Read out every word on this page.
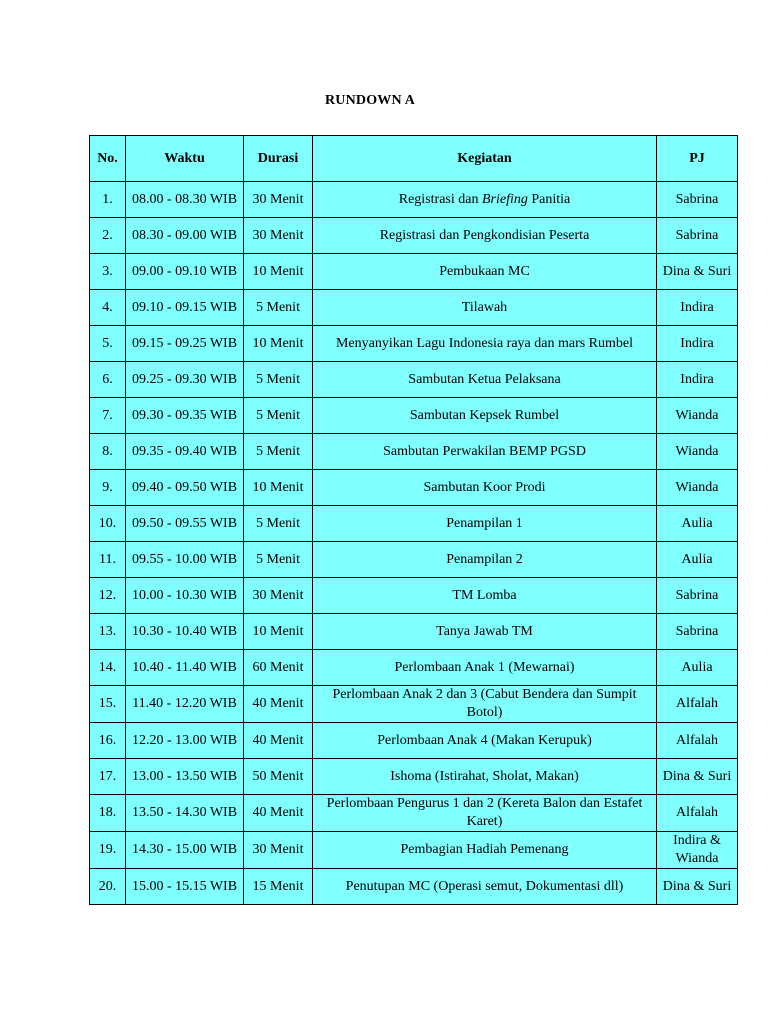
RUNDOWN A
No.	Waktu	Durasi	Kegiatan	PJ
1.	08.00 - 08.30 WIB	30 Menit	Registrasi dan Briefing Panitia	Sabrina
2.	08.30 - 09.00 WIB	30 Menit	Registrasi dan Pengkondisian Peserta	Sabrina
3.	09.00 - 09.10 WIB	10 Menit	Pembukaan MC	Dina & Suri
4.	09.10 - 09.15 WIB	5 Menit	Tilawah	Indira
5.	09.15 - 09.25 WIB	10 Menit	Menyanyikan Lagu Indonesia raya dan mars Rumbel	Indira
6.	09.25 - 09.30 WIB	5 Menit	Sambutan Ketua Pelaksana	Indira
7.	09.30 - 09.35 WIB	5 Menit	Sambutan Kepsek Rumbel	Wianda
8.	09.35 - 09.40 WIB	5 Menit	Sambutan Perwakilan BEMP PGSD	Wianda
9.	09.40 - 09.50 WIB	10 Menit	Sambutan Koor Prodi	Wianda
10.	09.50 - 09.55 WIB	5 Menit	Penampilan 1	Aulia
11.	09.55 - 10.00 WIB	5 Menit	Penampilan 2	Aulia
12.	10.00 - 10.30 WIB	30 Menit	TM Lomba	Sabrina
13.	10.30 - 10.40 WIB	10 Menit	Tanya Jawab TM	Sabrina
14.	10.40 - 11.40 WIB	60 Menit	Perlombaan Anak 1 (Mewarnai)	Aulia
15.	11.40 - 12.20 WIB	40 Menit	Perlombaan Anak 2 dan 3 (Cabut Bendera dan Sumpit Botol)	Alfalah
16.	12.20 - 13.00 WIB	40 Menit	Perlombaan Anak 4 (Makan Kerupuk)	Alfalah
17.	13.00 - 13.50 WIB	50 Menit	Ishoma (Istirahat, Sholat, Makan)	Dina & Suri
18.	13.50 - 14.30 WIB	40 Menit	Perlombaan Pengurus 1 dan 2 (Kereta Balon dan Estafet Karet)	Alfalah
19.	14.30 - 15.00 WIB	30 Menit	Pembagian Hadiah Pemenang	Indira & Wianda
20.	15.00 - 15.15 WIB	15 Menit	Penutupan MC (Operasi semut, Dokumentasi dll)	Dina & Suri
